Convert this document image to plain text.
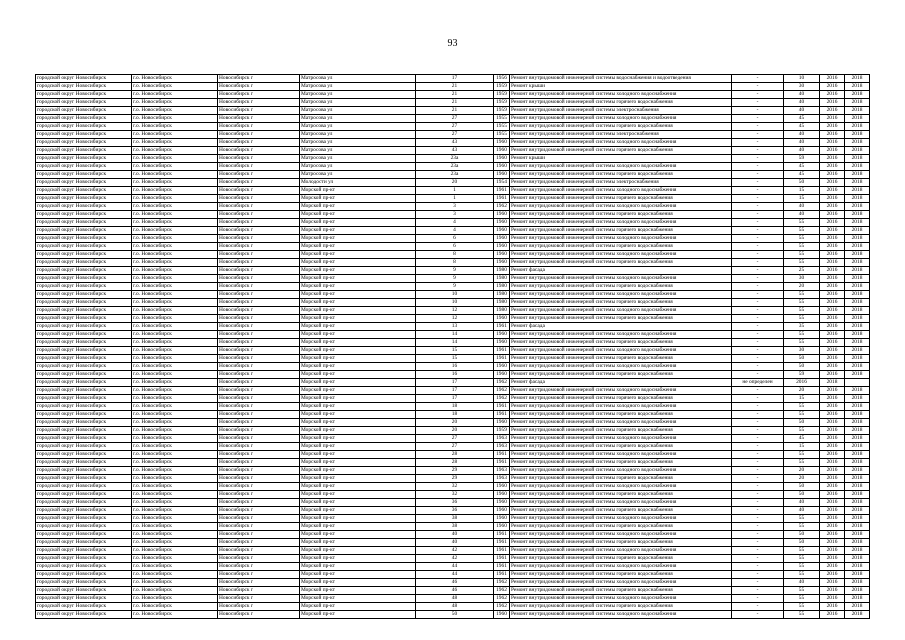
93
городской округ Новосибирск	г.о. Новосибирск	Новосибирск г	Матросова ул	17	1956	Ремонт внутридомовой инженерной системы водоснабжения и водоотведения	-	10	2016	2018
городской округ Новосибирск	г.о. Новосибирск	Новосибирск г	Матросова ул	21	1959	Ремонт крыши	-	30	2016	2018
городской округ Новосибирск	г.о. Новосибирск	Новосибирск г	Матросова ул	21	1959	Ремонт внутридомовой инженерной системы холодного водоснабжения	-	40	2016	2018
городской округ Новосибирск	г.о. Новосибирск	Новосибирск г	Матросова ул	21	1959	Ремонт внутридомовой инженерной системы горячего водоснабжения	-	40	2016	2018
городской округ Новосибирск	г.о. Новосибирск	Новосибирск г	Матросова ул	21	1959	Ремонт внутридомовой инженерной системы электроснабжения	-	40	2016	2018
городской округ Новосибирск	г.о. Новосибирск	Новосибирск г	Матросова ул	27	1955	Ремонт внутридомовой инженерной системы холодного водоснабжения	-	45	2016	2018
городской округ Новосибирск	г.о. Новосибирск	Новосибирск г	Матросова ул	27	1955	Ремонт внутридомовой инженерной системы горячего водоснабжения	-	45	2016	2018
городской округ Новосибирск	г.о. Новосибирск	Новосибирск г	Матросова ул	27	1955	Ремонт внутридомовой инженерной системы электроснабжения	-	40	2016	2018
городской округ Новосибирск	г.о. Новосибирск	Новосибирск г	Матросова ул	43	1960	Ремонт внутридомовой инженерной системы холодного водоснабжения	-	40	2016	2018
городской округ Новосибирск	г.о. Новосибирск	Новосибирск г	Матросова ул	43	1960	Ремонт внутридомовой инженерной системы горячего водоснабжения	-	40	2016	2018
городской округ Новосибирск	г.о. Новосибирск	Новосибирск г	Матросова ул	23а	1960	Ремонт крыши	-	59	2016	2018
городской округ Новосибирск	г.о. Новосибирск	Новосибирск г	Матросова ул	23а	1960	Ремонт внутридомовой инженерной системы холодного водоснабжения	-	45	2016	2018
городской округ Новосибирск	г.о. Новосибирск	Новосибирск г	Матросова ул	23а	1960	Ремонт внутридомовой инженерной системы горячего водоснабжения	-	45	2016	2018
городской округ Новосибирск	г.о. Новосибирск	Новосибирск г	Молодости ул	20	1954	Ремонт внутридомовой инженерной системы электроснабжения	-	50	2016	2018
городской округ Новосибирск	г.о. Новосибирск	Новосибирск г	Морской пр-кт	1	1961	Ремонт внутридомовой инженерной системы холодного водоснабжения	-	15	2016	2018
городской округ Новосибирск	г.о. Новосибирск	Новосибирск г	Морской пр-кт	1	1961	Ремонт внутридомовой инженерной системы горячего водоснабжения	-	15	2016	2018
городской округ Новосибирск	г.о. Новосибирск	Новосибирск г	Морской пр-кт	3	1962	Ремонт внутридомовой инженерной системы холодного водоснабжения	-	40	2016	2018
городской округ Новосибирск	г.о. Новосибирск	Новосибирск г	Морской пр-кт	3	1960	Ремонт внутридомовой инженерной системы горячего водоснабжения	-	40	2016	2018
городской округ Новосибирск	г.о. Новосибирск	Новосибирск г	Морской пр-кт	4	1960	Ремонт внутридомовой инженерной системы холодного водоснабжения	-	55	2016	2018
городской округ Новосибирск	г.о. Новосибирск	Новосибирск г	Морской пр-кт	4	1960	Ремонт внутридомовой инженерной системы горячего водоснабжения	-	55	2016	2018
городской округ Новосибирск	г.о. Новосибирск	Новосибирск г	Морской пр-кт	6	1960	Ремонт внутридомовой инженерной системы холодного водоснабжения	-	55	2016	2018
городской округ Новосибирск	г.о. Новосибирск	Новосибирск г	Морской пр-кт	6	1960	Ремонт внутридомовой инженерной системы горячего водоснабжения	-	55	2016	2018
городской округ Новосибирск	г.о. Новосибирск	Новосибирск г	Морской пр-кт	8	1960	Ремонт внутридомовой инженерной системы холодного водоснабжения	-	55	2016	2018
городской округ Новосибирск	г.о. Новосибирск	Новосибирск г	Морской пр-кт	8	1960	Ремонт внутридомовой инженерной системы горячего водоснабжения	-	55	2016	2018
городской округ Новосибирск	г.о. Новосибирск	Новосибирск г	Морской пр-кт	9	1980	Ремонт фасада	-	25	2016	2018
городской округ Новосибирск	г.о. Новосибирск	Новосибирск г	Морской пр-кт	9	1980	Ремонт внутридомовой инженерной системы холодного водоснабжения	-	30	2016	2018
городской округ Новосибирск	г.о. Новосибирск	Новосибирск г	Морской пр-кт	9	1980	Ремонт внутридомовой инженерной системы горячего водоснабжения	-	20	2016	2018
городской округ Новосибирск	г.о. Новосибирск	Новосибирск г	Морской пр-кт	10	1980	Ремонт внутридомовой инженерной системы холодного водоснабжения	-	55	2016	2018
городской округ Новосибирск	г.о. Новосибирск	Новосибирск г	Морской пр-кт	10	1980	Ремонт внутридомовой инженерной системы горячего водоснабжения	-	55	2016	2018
городской округ Новосибирск	г.о. Новосибирск	Новосибирск г	Морской пр-кт	12	1980	Ремонт внутридомовой инженерной системы холодного водоснабжения	-	55	2016	2018
городской округ Новосибирск	г.о. Новосибирск	Новосибирск г	Морской пр-кт	12	1960	Ремонт внутридомовой инженерной системы горячего водоснабжения	-	55	2016	2018
городской округ Новосибирск	г.о. Новосибирск	Новосибирск г	Морской пр-кт	13	1961	Ремонт фасада	-	35	2016	2018
городской округ Новосибирск	г.о. Новосибирск	Новосибирск г	Морской пр-кт	14	1960	Ремонт внутридомовой инженерной системы холодного водоснабжения	-	55	2016	2018
городской округ Новосибирск	г.о. Новосибирск	Новосибирск г	Морской пр-кт	14	1960	Ремонт внутридомовой инженерной системы горячего водоснабжения	-	55	2016	2018
городской округ Новосибирск	г.о. Новосибирск	Новосибирск г	Морской пр-кт	15	1961	Ремонт внутридомовой инженерной системы холодного водоснабжения	-	30	2016	2018
городской округ Новосибирск	г.о. Новосибирск	Новосибирск г	Морской пр-кт	15	1961	Ремонт внутридомовой инженерной системы горячего водоснабжения	-	50	2016	2018
городской округ Новосибирск	г.о. Новосибирск	Новосибирск г	Морской пр-кт	16	1960	Ремонт внутридомовой инженерной системы холодного водоснабжения	-	50	2016	2018
городской округ Новосибирск	г.о. Новосибирск	Новосибирск г	Морской пр-кт	16	1960	Ремонт внутридомовой инженерной системы горячего водоснабжения	-	59	2016	2018
городской округ Новосибирск	г.о. Новосибирск	Новосибирск г	Морской пр-кт	17	1962	Ремонт фасада	не определен	2016	2018	
городской округ Новосибирск	г.о. Новосибирск	Новосибирск г	Морской пр-кт	17	1962	Ремонт внутридомовой инженерной системы холодного водоснабжения	-	20	2016	2018
городской округ Новосибирск	г.о. Новосибирск	Новосибирск г	Морской пр-кт	17	1962	Ремонт внутридомовой инженерной системы горячего водоснабжения	-	15	2016	2018
городской округ Новосибирск	г.о. Новосибирск	Новосибирск г	Морской пр-кт	18	1961	Ремонт внутридомовой инженерной системы холодного водоснабжения	-	55	2016	2018
городской округ Новосибирск	г.о. Новосибирск	Новосибирск г	Морской пр-кт	18	1961	Ремонт внутридомовой инженерной системы горячего водоснабжения	-	55	2016	2018
городской округ Новосибирск	г.о. Новосибирск	Новосибирск г	Морской пр-кт	20	1960	Ремонт внутридомовой инженерной системы холодного водоснабжения	-	50	2016	2018
городской округ Новосибирск	г.о. Новосибирск	Новосибирск г	Морской пр-кт	20	1959	Ремонт внутридомовой инженерной системы горячего водоснабжения	-	55	2016	2018
городской округ Новосибирск	г.о. Новосибирск	Новосибирск г	Морской пр-кт	27	1963	Ремонт внутридомовой инженерной системы холодного водоснабжения	-	45	2016	2018
городской округ Новосибирск	г.о. Новосибирск	Новосибирск г	Морской пр-кт	27	1963	Ремонт внутридомовой инженерной системы горячего водоснабжения	-	15	2016	2018
городской округ Новосибирск	г.о. Новосибирск	Новосибирск г	Морской пр-кт	28	1961	Ремонт внутридомовой инженерной системы холодного водоснабжения	-	55	2016	2018
городской округ Новосибирск	г.о. Новосибирск	Новосибирск г	Морской пр-кт	28	1961	Ремонт внутридомовой инженерной системы горячего водоснабжения	-	55	2016	2018
городской округ Новосибирск	г.о. Новосибирск	Новосибирск г	Морской пр-кт	29	1963	Ремонт внутридомовой инженерной системы холодного водоснабжения	-	20	2016	2018
городской округ Новосибирск	г.о. Новосибирск	Новосибирск г	Морской пр-кт	29	1963	Ремонт внутридомовой инженерной системы горячего водоснабжения	-	20	2016	2018
городской округ Новосибирск	г.о. Новосибирск	Новосибирск г	Морской пр-кт	32	1960	Ремонт внутридомовой инженерной системы холодного водоснабжения	-	50	2016	2018
городской округ Новосибирск	г.о. Новосибирск	Новосибирск г	Морской пр-кт	32	1960	Ремонт внутридомовой инженерной системы горячего водоснабжения	-	50	2016	2018
городской округ Новосибирск	г.о. Новосибирск	Новосибирск г	Морской пр-кт	36	1960	Ремонт внутридомовой инженерной системы холодного водоснабжения	-	40	2016	2018
городской округ Новосибирск	г.о. Новосибирск	Новосибирск г	Морской пр-кт	36	1960	Ремонт внутридомовой инженерной системы горячего водоснабжения	-	40	2016	2018
городской округ Новосибирск	г.о. Новосибирск	Новосибирск г	Морской пр-кт	38	1960	Ремонт внутридомовой инженерной системы холодного водоснабжения	-	55	2016	2018
городской округ Новосибирск	г.о. Новосибирск	Новосибирск г	Морской пр-кт	38	1960	Ремонт внутридомовой инженерной системы горячего водоснабжения	-	55	2016	2018
городской округ Новосибирск	г.о. Новосибирск	Новосибирск г	Морской пр-кт	40	1961	Ремонт внутридомовой инженерной системы холодного водоснабжения	-	50	2016	2018
городской округ Новосибирск	г.о. Новосибирск	Новосибирск г	Морской пр-кт	40	1961	Ремонт внутридомовой инженерной системы горячего водоснабжения	-	50	2016	2018
городской округ Новосибирск	г.о. Новосибирск	Новосибирск г	Морской пр-кт	42	1961	Ремонт внутридомовой инженерной системы холодного водоснабжения	-	55	2016	2018
городской округ Новосибирск	г.о. Новосибирск	Новосибирск г	Морской пр-кт	42	1961	Ремонт внутридомовой инженерной системы горячего водоснабжения	-	55	2016	2018
городской округ Новосибирск	г.о. Новосибирск	Новосибирск г	Морской пр-кт	44	1961	Ремонт внутридомовой инженерной системы холодного водоснабжения	-	55	2016	2018
городской округ Новосибирск	г.о. Новосибирск	Новосибирск г	Морской пр-кт	44	1961	Ремонт внутридомовой инженерной системы горячего водоснабжения	-	55	2016	2018
городской округ Новосибирск	г.о. Новосибирск	Новосибирск г	Морской пр-кт	46	1962	Ремонт внутридомовой инженерной системы холодного водоснабжения	-	40	2016	2018
городской округ Новосибирск	г.о. Новосибирск	Новосибирск г	Морской пр-кт	46	1962	Ремонт внутридомовой инженерной системы горячего водоснабжения	-	55	2016	2018
городской округ Новосибирск	г.о. Новосибирск	Новосибирск г	Морской пр-кт	48	1962	Ремонт внутридомовой инженерной системы холодного водоснабжения	-	55	2016	2018
городской округ Новосибирск	г.о. Новосибирск	Новосибирск г	Морской пр-кт	48	1962	Ремонт внутридомовой инженерной системы горячего водоснабжения	-	55	2016	2018
городской округ Новосибирск	г.о. Новосибирск	Новосибирск г	Морской пр-кт	50	1960	Ремонт внутридомовой инженерной системы холодного водоснабжения	-	55	2016	2018
